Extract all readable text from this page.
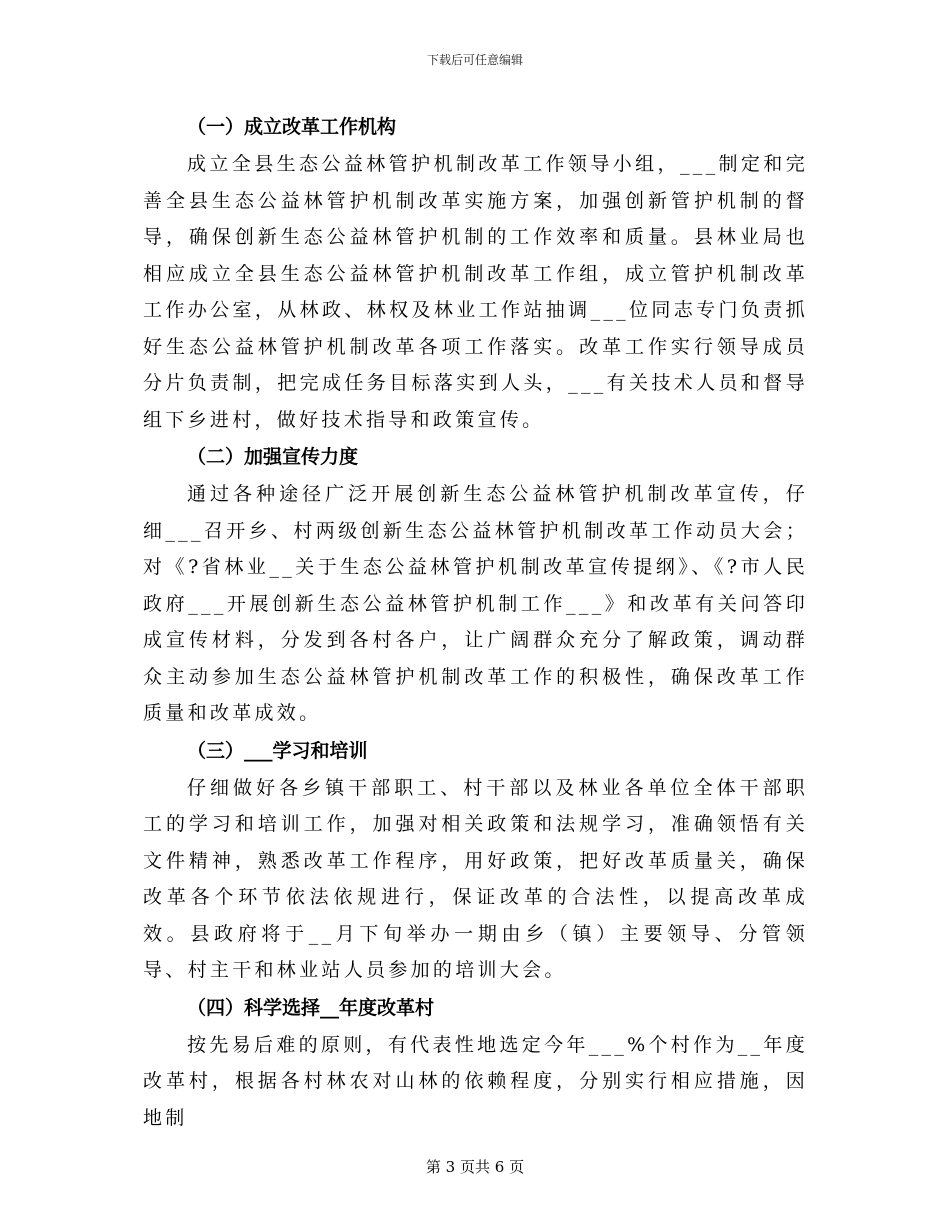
下载后可任意编辑
（一）成立改革工作机构
成立全县生态公益林管护机制改革工作领导小组，___制定和完善全县生态公益林管护机制改革实施方案，加强创新管护机制的督导，确保创新生态公益林管护机制的工作效率和质量。县林业局也相应成立全县生态公益林管护机制改革工作组，成立管护机制改革工作办公室，从林政、林权及林业工作站抽调___位同志专门负责抓好生态公益林管护机制改革各项工作落实。改革工作实行领导成员分片负责制，把完成任务目标落实到人头，___有关技术人员和督导组下乡进村，做好技术指导和政策宣传。
（二）加强宣传力度
通过各种途径广泛开展创新生态公益林管护机制改革宣传，仔细___召开乡、村两级创新生态公益林管护机制改革工作动员大会；对《?省林业__关于生态公益林管护机制改革宣传提纲》、《?市人民政府___开展创新生态公益林管护机制工作___》和改革有关问答印成宣传材料，分发到各村各户，让广阔群众充分了解政策，调动群众主动参加生态公益林管护机制改革工作的积极性，确保改革工作质量和改革成效。
（三）___学习和培训
仔细做好各乡镇干部职工、村干部以及林业各单位全体干部职工的学习和培训工作，加强对相关政策和法规学习，准确领悟有关文件精神，熟悉改革工作程序，用好政策，把好改革质量关，确保改革各个环节依法依规进行，保证改革的合法性，以提高改革成效。县政府将于__月下旬举办一期由乡（镇）主要领导、分管领导、村主干和林业站人员参加的培训大会。
（四）科学选择__年度改革村
按先易后难的原则，有代表性地选定今年___%个村作为__年度改革村，根据各村林农对山林的依赖程度，分别实行相应措施，因地制
第 3 页共 6 页
